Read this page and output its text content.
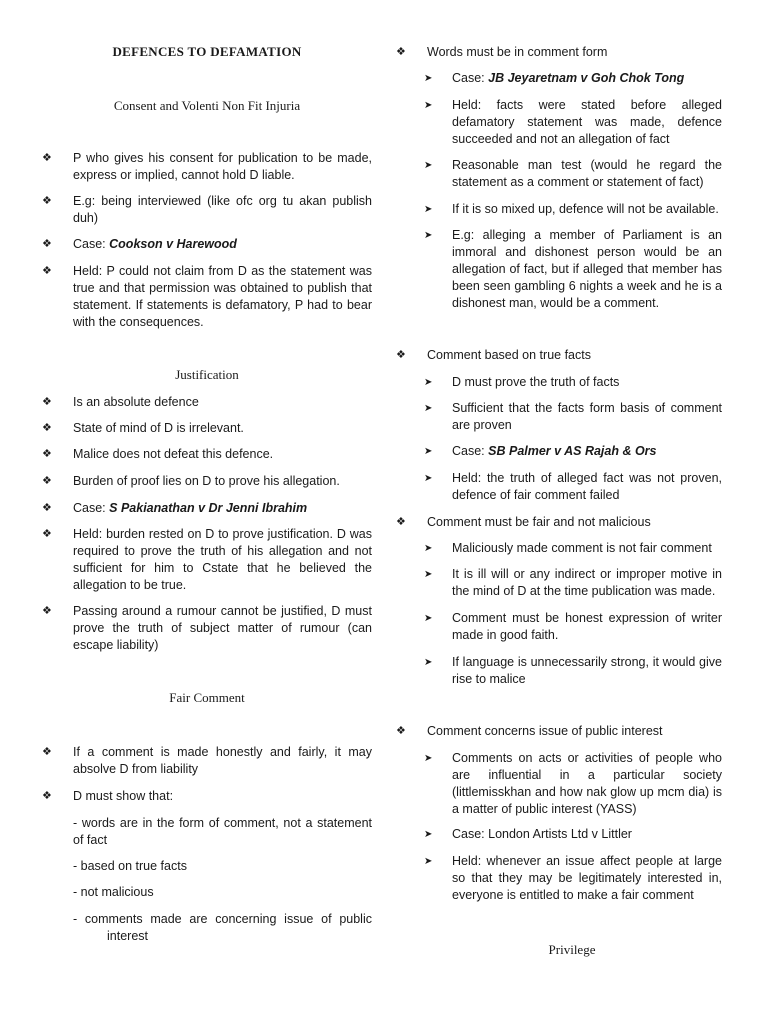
DEFENCES TO DEFAMATION
Consent and Volenti Non Fit Injuria
❖ P who gives his consent for publication to be made, express or implied, cannot hold D liable.
❖ E.g: being interviewed (like ofc org tu akan publish duh)
❖ Case: Cookson v Harewood
❖ Held: P could not claim from D as the statement was true and that permission was obtained to publish that statement. If statements is defamatory, P had to bear with the consequences.
Justification
❖ Is an absolute defence
❖ State of mind of D is irrelevant.
❖ Malice does not defeat this defence.
❖ Burden of proof lies on D to prove his allegation.
❖ Case: S Pakianathan v Dr Jenni Ibrahim
❖ Held: burden rested on D to prove justification. D was required to prove the truth of his allegation and not sufficient for him to Cstate that he believed the allegation to be true.
❖ Passing around a rumour cannot be justified, D must prove the truth of subject matter of rumour (can escape liability)
Fair Comment
❖ If a comment is made honestly and fairly, it may absolve D from liability
❖ D must show that:
- words are in the form of comment, not a statement of fact
- based on true facts
- not malicious
- comments made are concerning issue of public interest
❖ Words must be in comment form
➤ Case: JB Jeyaretnam v Goh Chok Tong
➤ Held: facts were stated before alleged defamatory statement was made, defence succeeded and not an allegation of fact
➤ Reasonable man test (would he regard the statement as a comment or statement of fact)
➤ If it is so mixed up, defence will not be available.
➤ E.g: alleging a member of Parliament is an immoral and dishonest person would be an allegation of fact, but if alleged that member has been seen gambling 6 nights a week and he is a dishonest man, would be a comment.
❖ Comment based on true facts
➤ D must prove the truth of facts
➤ Sufficient that the facts form basis of comment are proven
➤ Case: SB Palmer v AS Rajah & Ors
➤ Held: the truth of alleged fact was not proven, defence of fair comment failed
❖ Comment must be fair and not malicious
➤ Maliciously made comment is not fair comment
➤ It is ill will or any indirect or improper motive in the mind of D at the time publication was made.
➤ Comment must be honest expression of writer made in good faith.
➤ If language is unnecessarily strong, it would give rise to malice
❖ Comment concerns issue of public interest
➤ Comments on acts or activities of people who are influential in a particular society (littlemisskhan and how nak glow up mcm dia) is a matter of public interest (YASS)
➤ Case: London Artists Ltd v Littler
➤ Held: whenever an issue affect people at large so that they may be legitimately interested in, everyone is entitled to make a fair comment
Privilege
